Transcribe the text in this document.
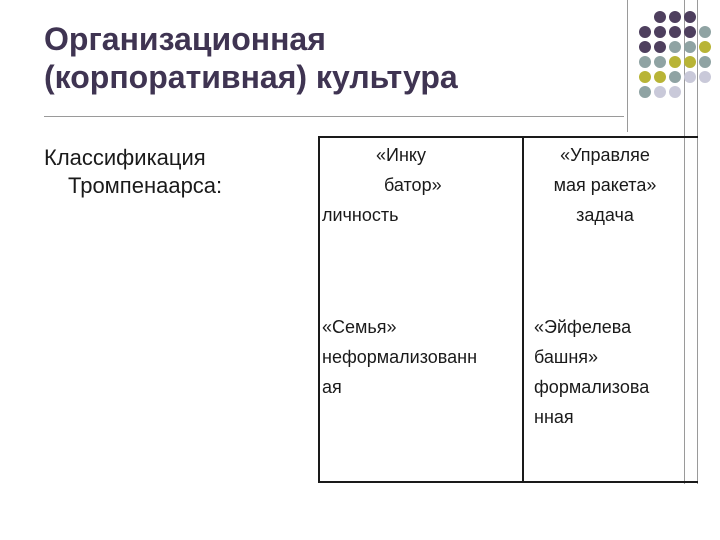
Организационная
(корпоративная) культура
Классификация
Тромпенаарса:
«Инку
батор»
личность
«Управляе
мая ракета»
задача
«Семья»
неформализованн
ая
«Эйфелева
башня»
формализова
нная
